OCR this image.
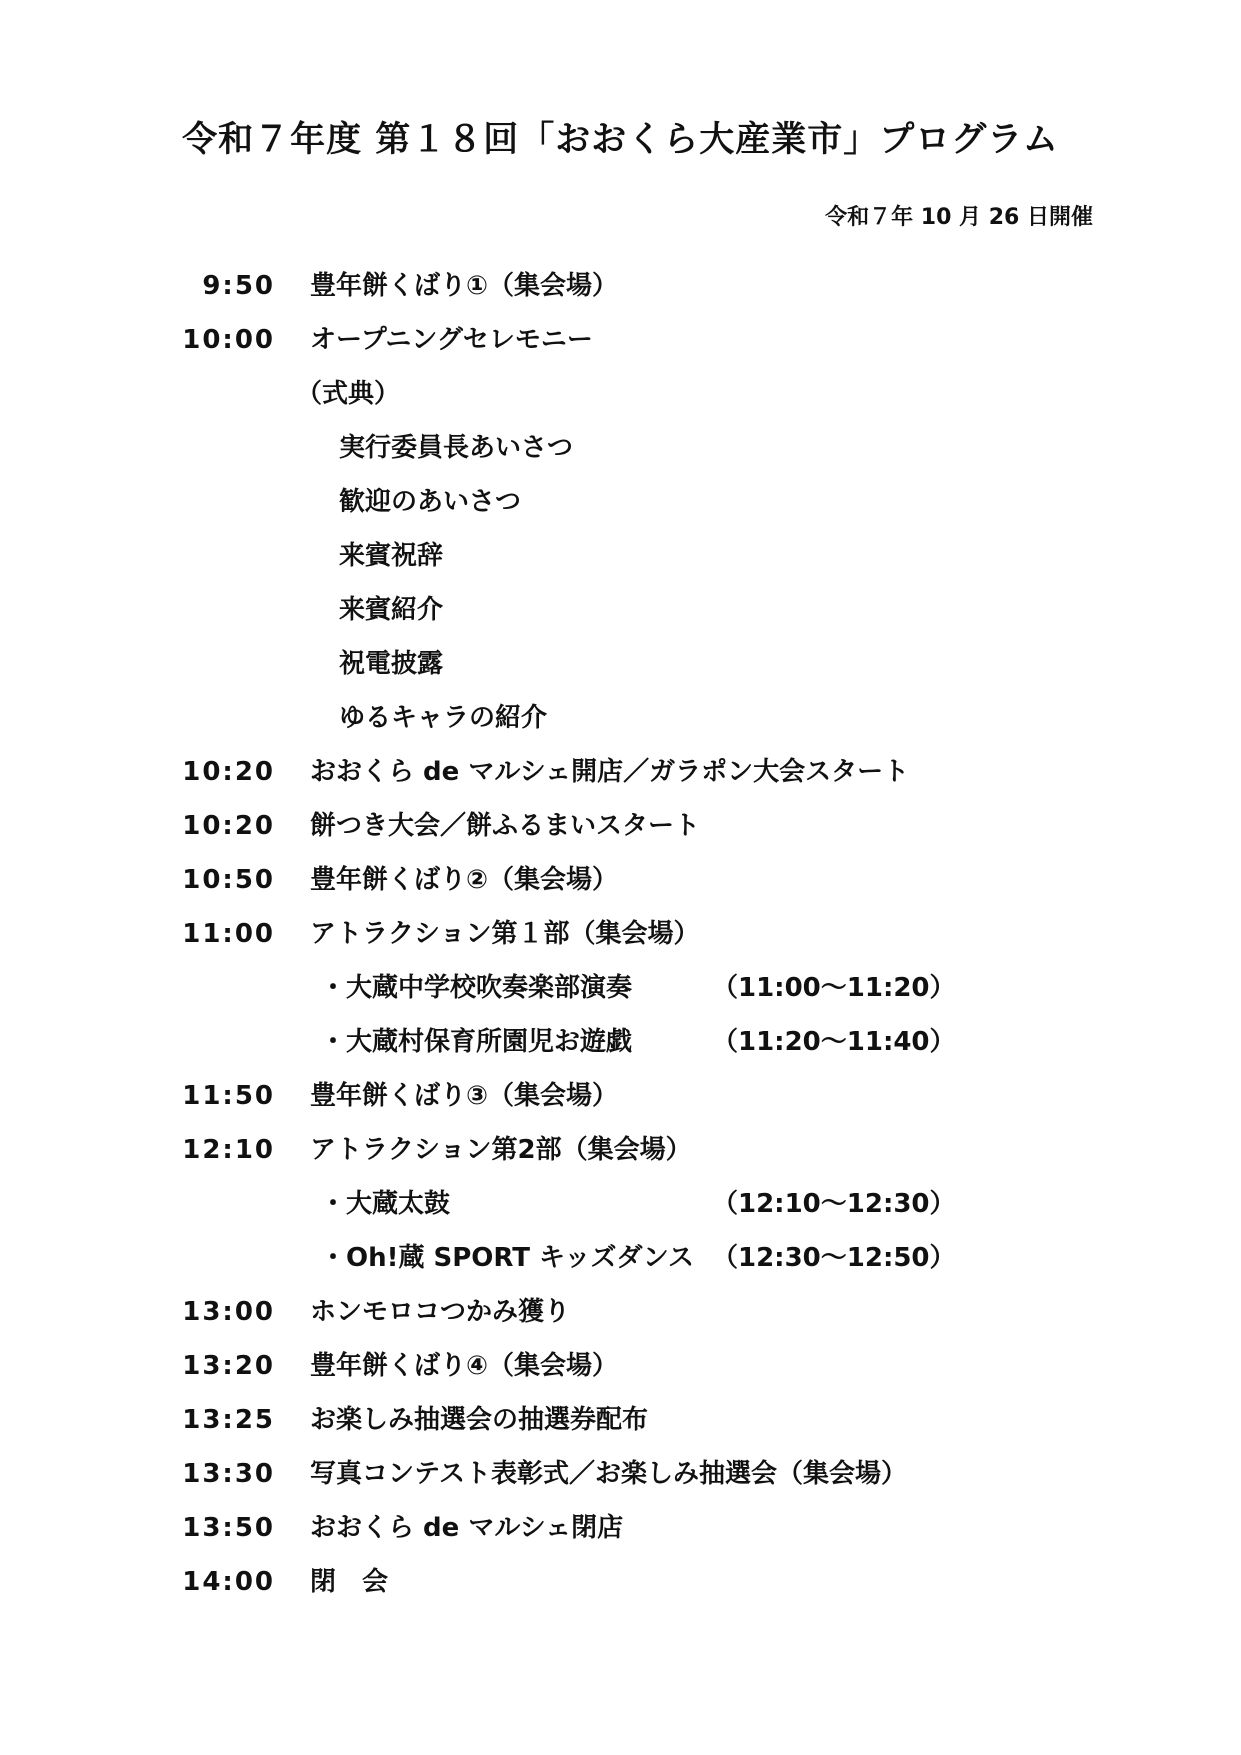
令和７年度 第１８回「おおくら大産業市」プログラム
令和７年 10 月 26 日開催
9:50 豊年餅くばり①（集会場）
10:00 オープニングセレモニー
（式典）
実行委員長あいさつ
歓迎のあいさつ
来賓祝辞
来賓紹介
祝電披露
ゆるキャラの紹介
10:20 おおくら de マルシェ開店／ガラポン大会スタート
10:20 餅つき大会／餅ふるまいスタート
10:50 豊年餅くばり②（集会場）
11:00 アトラクション第１部（集会場）
・大蔵中学校吹奏楽部演奏	（11:00～11:20）
・大蔵村保育所園児お遊戯	（11:20～11:40）
11:50 豊年餅くばり③（集会場）
12:10 アトラクション第2部（集会場）
・大蔵太鼓	（12:10～12:30）
・Oh!蔵 SPORT キッズダンス （12:30～12:50）
13:00 ホンモロコつかみ獲り
13:20 豊年餅くばり④（集会場）
13:25 お楽しみ抽選会の抽選券配布
13:30 写真コンテスト表彰式／お楽しみ抽選会（集会場）
13:50 おおくら de マルシェ閉店
14:00 閉　会
